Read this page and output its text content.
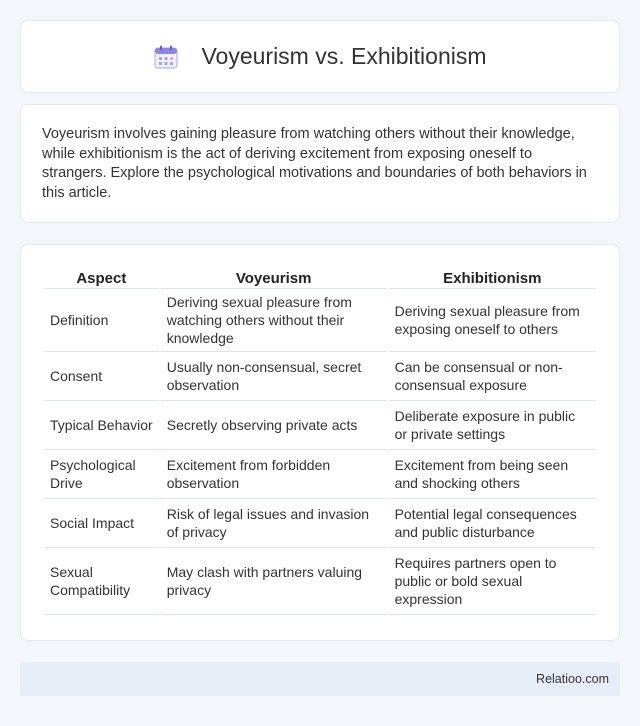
Voyeurism vs. Exhibitionism

Voyeurism involves gaining pleasure from watching others without their knowledge, while exhibitionism is the act of deriving excitement from exposing oneself to strangers. Explore the psychological motivations and boundaries of both behaviors in this article.

Aspect	Voyeurism	Exhibitionism
Definition	Deriving sexual pleasure from watching others without their knowledge	Deriving sexual pleasure from exposing oneself to others
Consent	Usually non-consensual, secret observation	Can be consensual or non-consensual exposure
Typical Behavior	Secretly observing private acts	Deliberate exposure in public or private settings
Psychological Drive	Excitement from forbidden observation	Excitement from being seen and shocking others
Social Impact	Risk of legal issues and invasion of privacy	Potential legal consequences and public disturbance
Sexual Compatibility	May clash with partners valuing privacy	Requires partners open to public or bold sexual expression
Relatioo.com
